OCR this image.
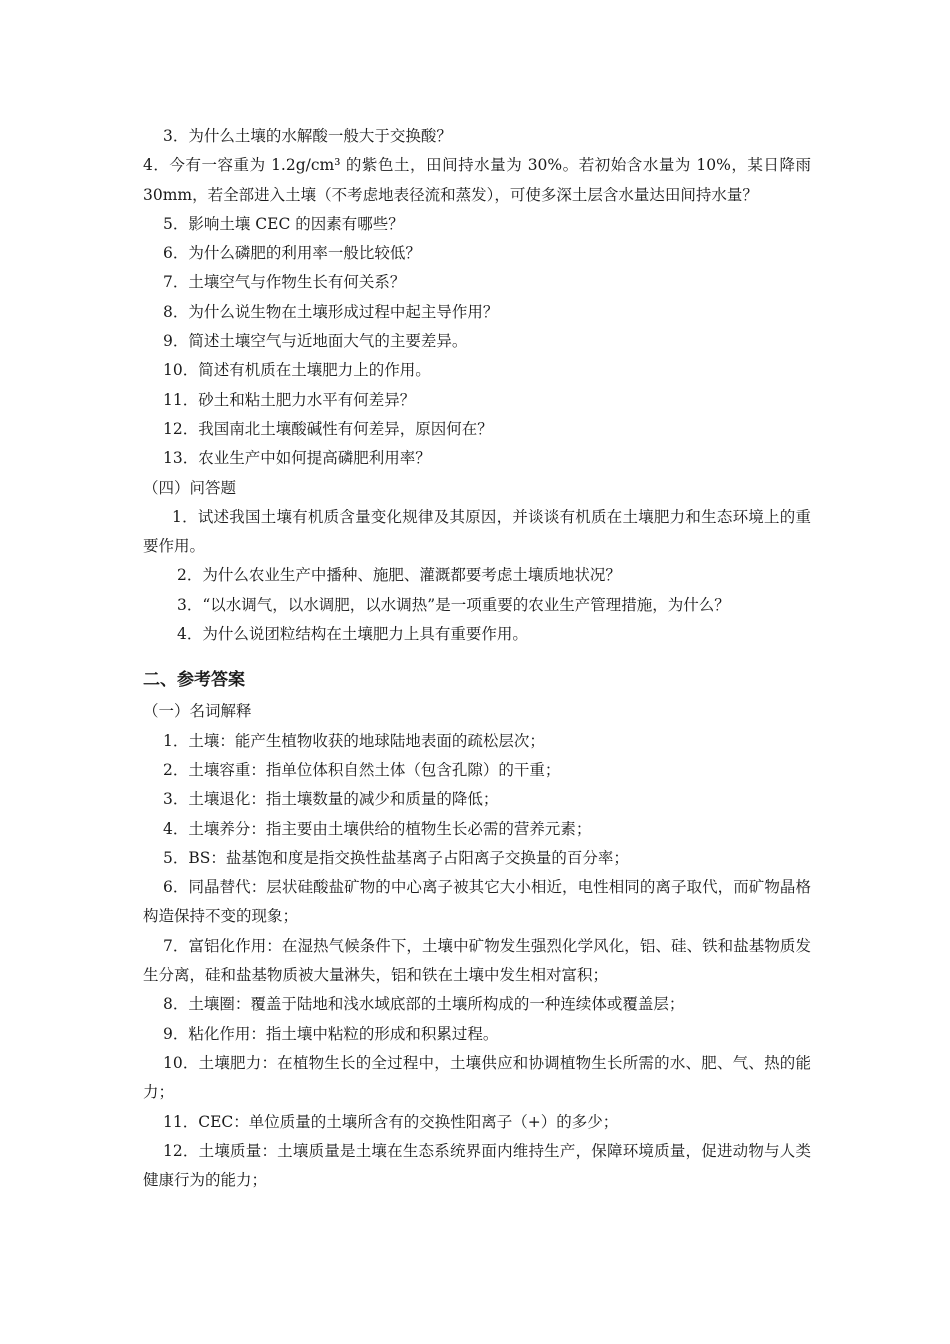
3．为什么土壤的水解酸一般大于交换酸？

4．今有一容重为 1.2g/cm³ 的紫色土，田间持水量为 30%。若初始含水量为 10%，某日降雨 30mm，若全部进入土壤（不考虑地表径流和蒸发），可使多深土层含水量达田间持水量？

5．影响土壤 CEC 的因素有哪些？

6．为什么磷肥的利用率一般比较低？

7．土壤空气与作物生长有何关系？

8．为什么说生物在土壤形成过程中起主导作用？

9．简述土壤空气与近地面大气的主要差异。

10．简述有机质在土壤肥力上的作用。

11．砂土和粘土肥力水平有何差异？

12．我国南北土壤酸碱性有何差异，原因何在？

13．农业生产中如何提高磷肥利用率？

（四）问答题

1．试述我国土壤有机质含量变化规律及其原因，并谈谈有机质在土壤肥力和生态环境上的重要作用。

2．为什么农业生产中播种、施肥、灌溉都要考虑土壤质地状况？

3．“以水调气，以水调肥，以水调热”是一项重要的农业生产管理措施，为什么？

4．为什么说团粒结构在土壤肥力上具有重要作用。

二、参考答案

（一）名词解释

1．土壤：能产生植物收获的地球陆地表面的疏松层次；

2．土壤容重：指单位体积自然土体（包含孔隙）的干重；

3．土壤退化：指土壤数量的减少和质量的降低；

4．土壤养分：指主要由土壤供给的植物生长必需的营养元素；

5．BS：盐基饱和度是指交换性盐基离子占阳离子交换量的百分率；

6．同晶替代：层状硅酸盐矿物的中心离子被其它大小相近，电性相同的离子取代，而矿物晶格构造保持不变的现象；

7．富铝化作用：在湿热气候条件下，土壤中矿物发生强烈化学风化，铝、硅、铁和盐基物质发生分离，硅和盐基物质被大量淋失，铝和铁在土壤中发生相对富积；

8．土壤圈：覆盖于陆地和浅水域底部的土壤所构成的一种连续体或覆盖层；

9．粘化作用：指土壤中粘粒的形成和积累过程。

10．土壤肥力：在植物生长的全过程中，土壤供应和协调植物生长所需的水、肥、气、热的能力；

11．CEC：单位质量的土壤所含有的交换性阳离子（+）的多少；

12．土壤质量：土壤质量是土壤在生态系统界面内维持生产，保障环境质量，促进动物与人类健康行为的能力；
